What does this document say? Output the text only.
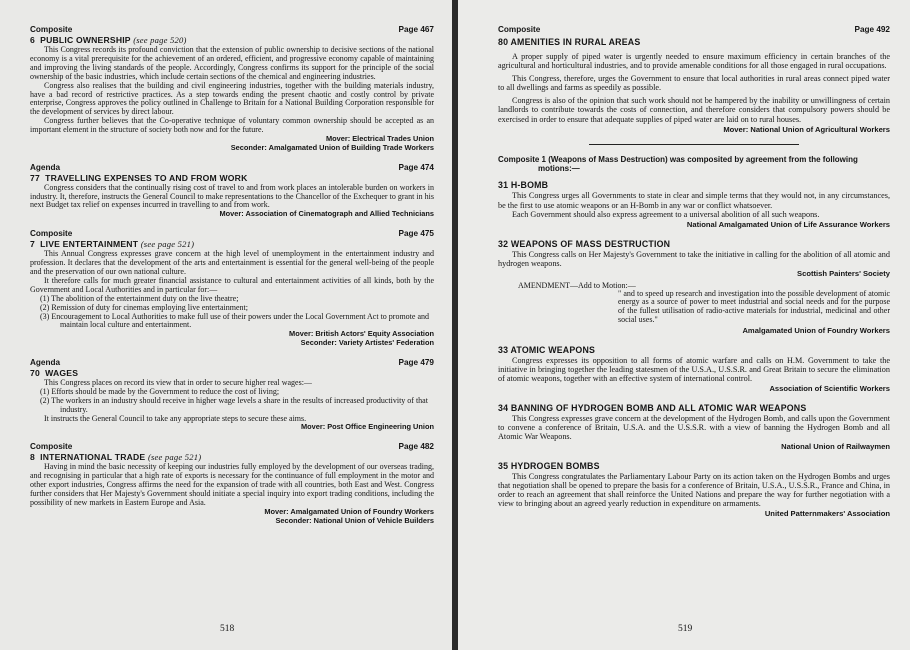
Composite	Page 467
6 PUBLIC OWNERSHIP (see page 520)

This Congress records its profound conviction that the extension of public ownership to decisive sections of the national economy is a vital prerequisite for the achievement of an ordered, efficient, and progressive economy capable of maintaining and improving the living standards of the people. Accordingly, Congress confirms its support for the principle of the social ownership of the basic industries, which include certain sections of the chemical and engineering industries.

Congress also realises that the building and civil engineering industries, together with the building materials industry, have a bad record of restrictive practices. As a step towards ending the present chaotic and costly control by private enterprise, Congress approves the policy outlined in Challenge to Britain for a National Building Corporation responsible for the development of services by direct labour.

Congress further believes that the Co-operative technique of voluntary common ownership should be accepted as an important element in the structure of society both now and for the future.

Mover: Electrical Trades Union
Seconder: Amalgamated Union of Building Trade Workers
Agenda	Page 474
77 TRAVELLING EXPENSES TO AND FROM WORK

Congress considers that the continually rising cost of travel to and from work places an intolerable burden on workers in industry. It, therefore, instructs the General Council to make representations to the Chancellor of the Exchequer to grant in his next Budget tax relief on expenses incurred in travelling to and from work.

Mover: Association of Cinematograph and Allied Technicians
Composite	Page 475
7 LIVE ENTERTAINMENT (see page 521)

This Annual Congress expresses grave concern at the high level of unemployment in the entertainment industry and profession. It declares that the development of the arts and entertainment is essential for the general well-being of the people and the preservation of our own national culture.

It therefore calls for much greater financial assistance to cultural and entertainment activities of all kinds, both by the Government and Local Authorities and in particular for:—

(1) The abolition of the entertainment duty on the live theatre;
(2) Remission of duty for cinemas employing live entertainment;
(3) Encouragement to Local Authorities to make full use of their powers under the Local Government Act to promote and maintain local culture and entertainment.
Mover: British Actors' Equity Association
Seconder: Variety Artistes' Federation
Agenda	Page 479
70 WAGES

This Congress places on record its view that in order to secure higher real wages:—

(1) Efforts should be made by the Government to reduce the cost of living;
(2) The workers in an industry should receive in higher wage levels a share in the results of increased productivity of that industry.

It instructs the General Council to take any appropriate steps to secure these aims.

Mover: Post Office Engineering Union
Composite	Page 482
8 INTERNATIONAL TRADE (see page 521)

Having in mind the basic necessity of keeping our industries fully employed by the development of our overseas trading, and recognising in particular that a high rate of exports is necessary for the continuance of full employment in the motor and other export industries, Congress affirms the need for the expansion of trade with all countries, both East and West. Congress further considers that Her Majesty's Government should initiate a special inquiry into export trading conditions, including the possibility of new markets in Eastern Europe and Asia.

Mover: Amalgamated Union of Foundry Workers
Seconder: National Union of Vehicle Builders
518
Composite	Page 492
80 AMENITIES IN RURAL AREAS

A proper supply of piped water is urgently needed to ensure maximum efficiency in certain branches of the agricultural and horticultural industries, and to provide amenable conditions for all those engaged in rural occupations.

This Congress, therefore, urges the Government to ensure that local authorities in rural areas connect piped water to all dwellings and farms as speedily as possible.

Congress is also of the opinion that such work should not be hampered by the inability or unwillingness of certain landlords to contribute towards the costs of connection, and therefore considers that compulsory powers should be exercised in order to ensure that adequate supplies of piped water are laid on to rural houses.

Mover: National Union of Agricultural Workers
Composite 1 (Weapons of Mass Destruction) was composited by agreement from the following motions:—
31 H-BOMB

This Congress urges all Governments to state in clear and simple terms that they would not, in any circumstances, be the first to use atomic weapons or an H-Bomb in any war or conflict whatsoever.

Each Government should also express agreement to a universal abolition of all such weapons.

National Amalgamated Union of Life Assurance Workers
32 WEAPONS OF MASS DESTRUCTION

This Congress calls on Her Majesty's Government to take the initiative in calling for the abolition of all atomic and hydrogen weapons.

Scottish Painters' Society
AMENDMENT—Add to Motion:—
" and to speed up research and investigation into the possible development of atomic energy as a source of power to meet industrial and social needs and for the purpose of the fullest utilisation of radio-active materials for industrial, medicinal and other social uses."
Amalgamated Union of Foundry Workers
33 ATOMIC WEAPONS

Congress expresses its opposition to all forms of atomic warfare and calls on H.M. Government to take the initiative in bringing together the leading statesmen of the U.S.A., U.S.S.R. and Great Britain to secure the elimination of atomic weapons, together with an effective system of international control.

Association of Scientific Workers
34 BANNING OF HYDROGEN BOMB AND ALL ATOMIC WAR WEAPONS

This Congress expresses grave concern at the development of the Hydrogen Bomb, and calls upon the Government to convene a conference of Britain, U.S.A. and the U.S.S.R. with a view of banning the Hydrogen Bomb and all Atomic War Weapons.

National Union of Railwaymen
35 HYDROGEN BOMBS

This Congress congratulates the Parliamentary Labour Party on its action taken on the Hydrogen Bombs and urges that negotiation shall be opened to prepare the basis for a conference of Britain, U.S.A., U.S.S.R., France and China, in order to reach an agreement that shall reinforce the United Nations and prepare the way for further negotiation with a view to bringing about an agreed yearly reduction in expenditure on armaments.

United Patternmakers' Association
519
